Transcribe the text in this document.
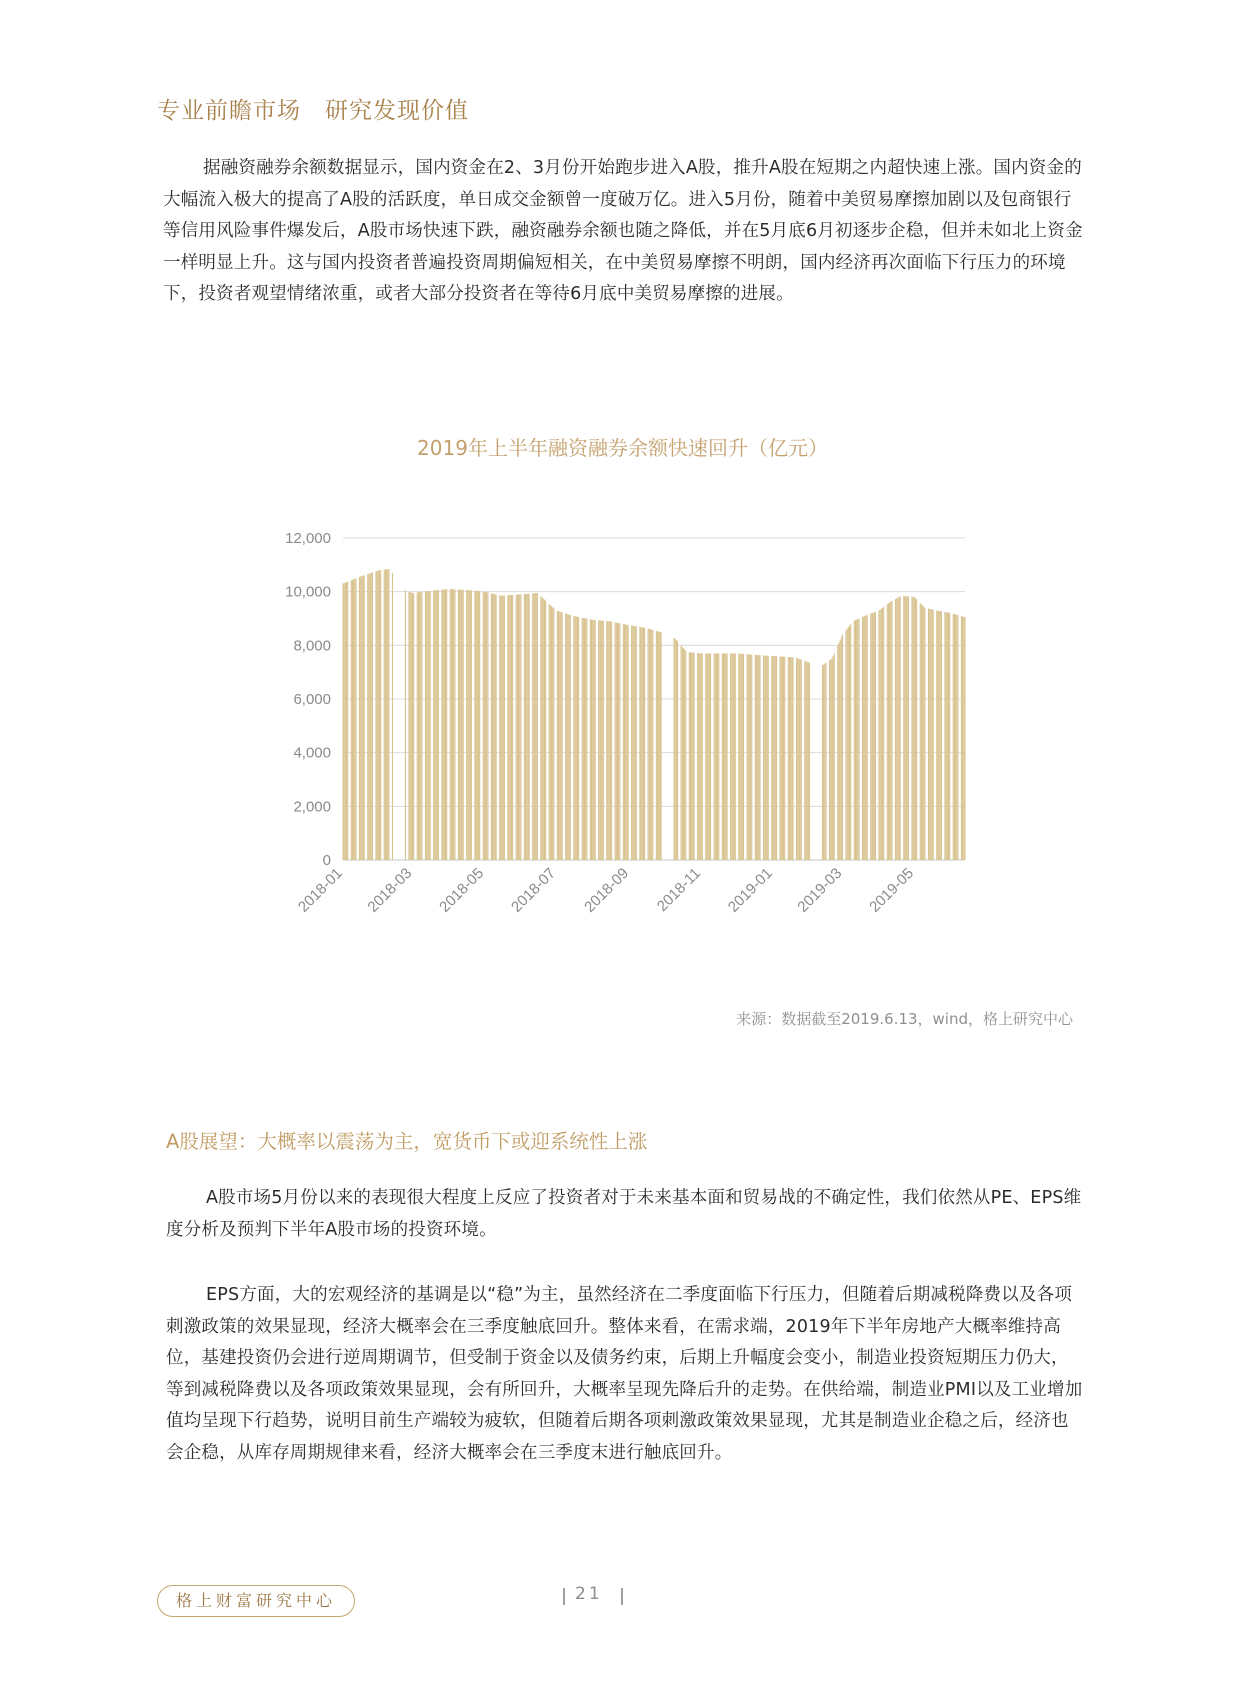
专业前瞻市场　研究发现价值
据融资融券余额数据显示，国内资金在2、3月份开始跑步进入A股，推升A股在短期之内超快速上涨。国内资金的大幅流入极大的提高了A股的活跃度，单日成交金额曾一度破万亿。进入5月份，随着中美贸易摩擦加剧以及包商银行等信用风险事件爆发后，A股市场快速下跌，融资融券余额也随之降低，并在5月底6月初逐步企稳，但并未如北上资金一样明显上升。这与国内投资者普遍投资周期偏短相关，在中美贸易摩擦不明朗，国内经济再次面临下行压力的环境下，投资者观望情绪浓重，或者大部分投资者在等待6月底中美贸易摩擦的进展。
2019年上半年融资融券余额快速回升（亿元）
0
2,000
4,000
6,000
8,000
10,000
12,000
2018-01 2018-03 2018-05 2018-07 2018-09 2018-11 2019-01 2019-03 2019-05
来源：数据截至2019.6.13，wind，格上研究中心
A股展望：大概率以震荡为主，宽货币下或迎系统性上涨
A股市场5月份以来的表现很大程度上反应了投资者对于未来基本面和贸易战的不确定性，我们依然从PE、EPS维度分析及预判下半年A股市场的投资环境。
EPS方面，大的宏观经济的基调是以“稳”为主，虽然经济在二季度面临下行压力，但随着后期减税降费以及各项刺激政策的效果显现，经济大概率会在三季度触底回升。整体来看，在需求端，2019年下半年房地产大概率维持高位，基建投资仍会进行逆周期调节，但受制于资金以及债务约束，后期上升幅度会变小，制造业投资短期压力仍大，等到减税降费以及各项政策效果显现，会有所回升，大概率呈现先降后升的走势。在供给端，制造业PMI以及工业增加值均呈现下行趋势，说明目前生产端较为疲软，但随着后期各项刺激政策效果显现，尤其是制造业企稳之后，经济也会企稳，从库存周期规律来看，经济大概率会在三季度末进行触底回升。
格上财富研究中心	21
